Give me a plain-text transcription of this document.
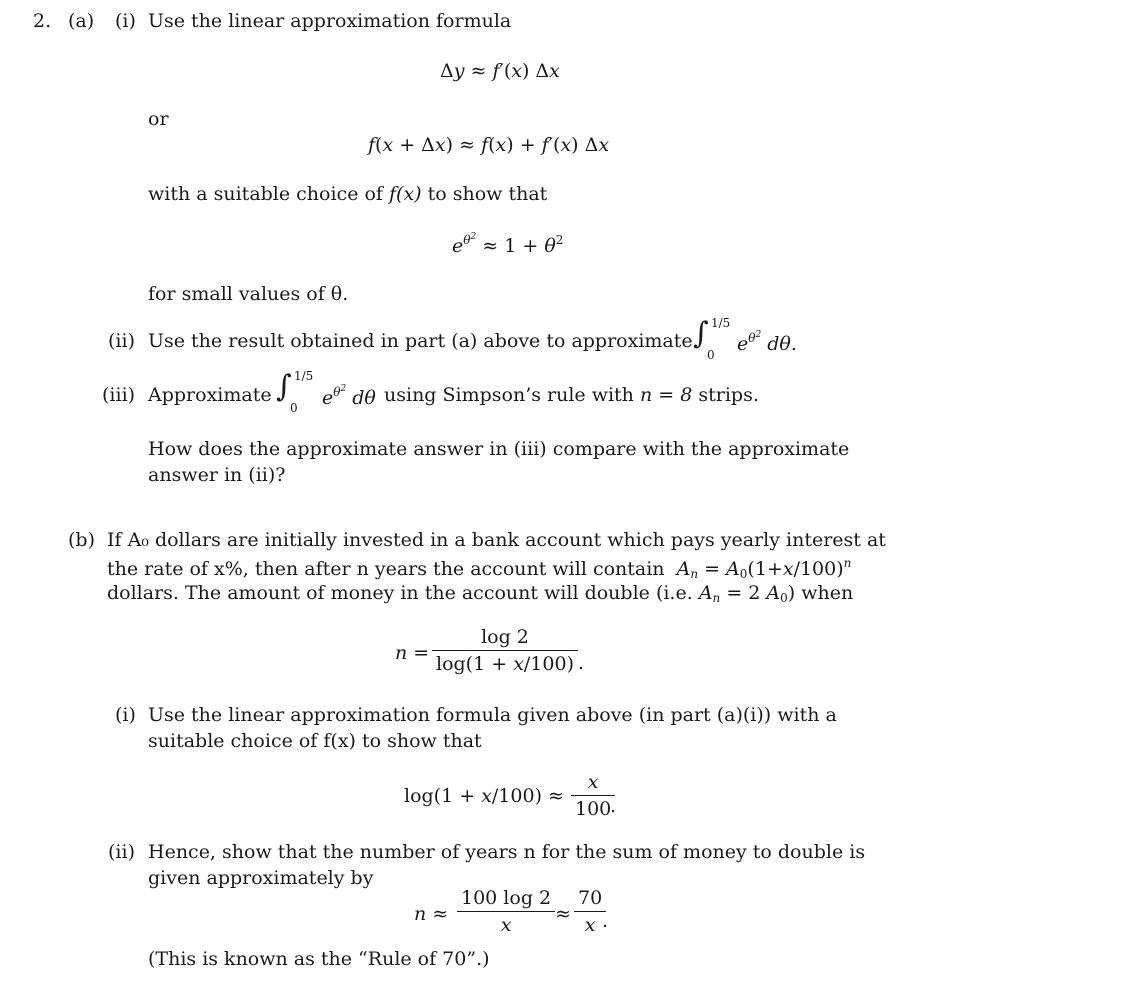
2. (a) (i) Use the linear approximation formula
Δy ≈ f′(x) Δx
or
f(x + Δx) ≈ f(x) + f′(x) Δx
with a suitable choice of f(x) to show that
$e^{\theta^2} \approx 1 + \theta^2$
for small values of θ.
(ii) Use the result obtained in part (a) above to approximate ∫ 1/5
0 $e^{\theta^2}$ dθ.
(iii) Approximate ∫ 1/5
0 $e^{\theta^2}$ dθ using Simpson’s rule with n = 8 strips.
How does the approximate answer in (iii) compare with the approximate
answer in (ii)?
(b) If A₀ dollars are initially invested in a bank account which pays yearly interest at
the rate of x%, then after n years the account will contain $A_n = A_0(1+x/100)^n$
dollars. The amount of money in the account will double (i.e. $A_n = 2$ $A_0$) when
n =
log 2
log(1 + x/100) .
(i) Use the linear approximation formula given above (in part (a)(i)) with a
suitable choice of f(x) to show that
log(1 + x/100) ≈
x
100
.
(ii) Hence, show that the number of years n for the sum of money to double is
given approximately by
n ≈
100 log 2
x	≈
70
x .
(This is known as the “Rule of 70”.)
